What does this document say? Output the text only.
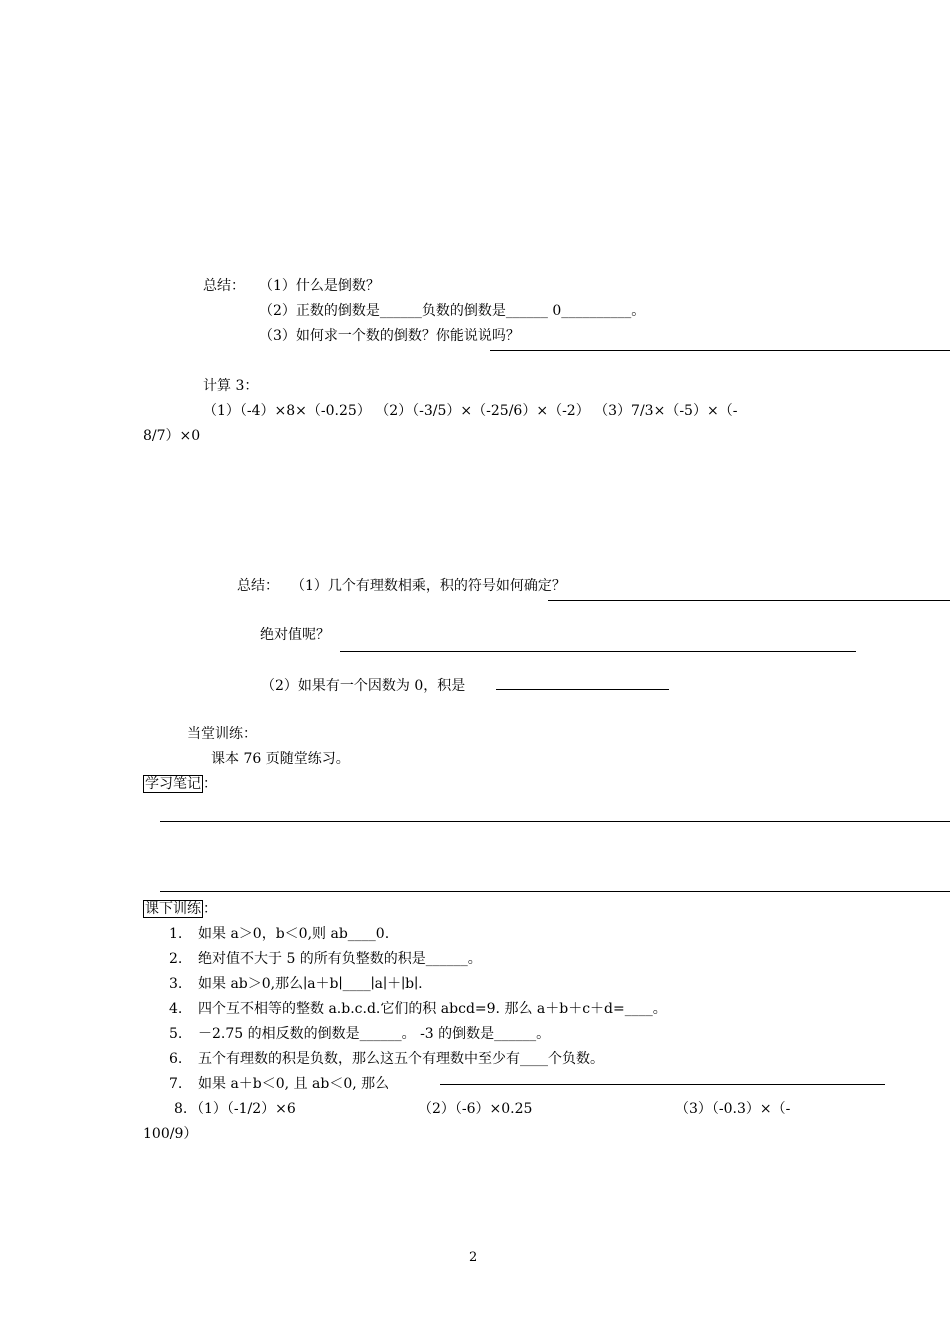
总结： （1）什么是倒数？
（2）正数的倒数是______负数的倒数是______ 0__________。
（3）如何求一个数的倒数？你能说说吗？
计算 3：
（1）（-4）×8×（-0.25） （2）（-3/5）×（-25/6）×（-2） （3）7/3×（-5）×（-
8/7）×0
总结： （1）几个有理数相乘，积的符号如何确定？
绝对值呢？
（2）如果有一个因数为 0，积是
当堂训练：
课本 76 页随堂练习。
学习笔记 ：
课下训练 ：
1. 如果 a＞0，b＜0,则 ab____0.
2. 绝对值不大于 5 的所有负整数的积是______。
3. 如果 ab＞0,那么∣a＋b∣____∣a∣＋∣b∣.
4. 四个互不相等的整数 a.b.c.d.它们的积 abcd=9. 那么 a＋b＋c＋d=____。
5. －2.75 的相反数的倒数是______。 -3 的倒数是______。
6. 五个有理数的积是负数，那么这五个有理数中至少有____个负数。
7. 如果 a＋b＜0, 且 ab＜0, 那么
8. （1）（-1/2）×6	（2）（-6）×0.25	（3）（-0.3）×（-
100/9）
2
